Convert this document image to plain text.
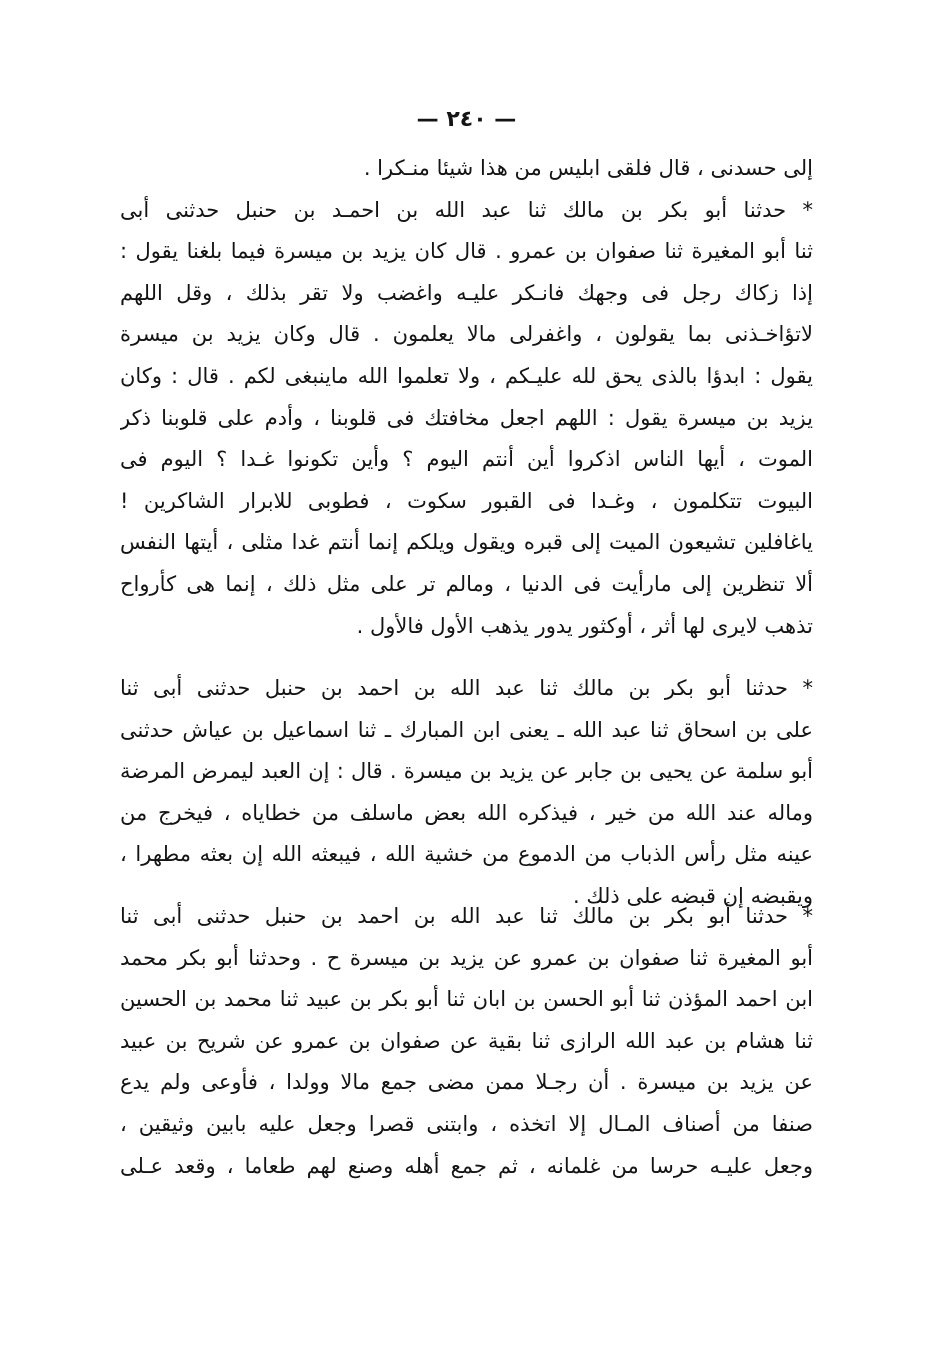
— ٢٤٠ —
إلى حسدنى ، قال فلقى ابليس من هذا شيئا منـكرا .
* حدثنا أبو بكر بن مالك ثنا عبد الله بن احمـد بن حنبل حدثنى أبى
ثنا أبو المغيرة ثنا صفوان بن عمرو . قال كان يزيد بن ميسرة فيما بلغنا يقول :
إذا زكاك رجل فى وجهك فانـكر عليـه واغضب ولا تقر بذلك ، وقل اللهم
لاتؤاخـذنى بما يقولون ، واغفرلى مالا يعلمون . قال وكان يزيد بن ميسرة
يقول : ابدؤا بالذى يحق لله عليـكم ، ولا تعلموا الله ماينبغى لكم . قال : وكان
يزيد بن ميسرة يقول : اللهم اجعل مخافتك فى قلوبنا ، وأدم على قلوبنا ذكر
الموت ، أيها الناس اذكروا أين أنتم اليوم ؟ وأين تكونوا غـدا ؟ اليوم فى
البيوت تتكلمون ، وغـدا فى القبور سكوت ، فطوبى للابرار الشاكرين !
ياغافلين تشيعون الميت إلى قبره ويقول ويلكم إنما أنتم غدا مثلى ، أيتها النفس
ألا تنظرين إلى مارأيت فى الدنيا ، ومالم تر على مثل ذلك ، إنما هى كأرواح
تذهب لايرى لها أثر ، أوكثور يدور يذهب الأول فالأول .
* حدثنا أبو بكر بن مالك ثنا عبد الله بن احمد بن حنبل حدثنى أبى ثنا
على بن اسحاق ثنا عبد الله ـ يعنى ابن المبارك ـ ثنا اسماعيل بن عياش حدثنى
أبو سلمة عن يحيى بن جابر عن يزيد بن ميسرة . قال : إن العبد ليمرض المرضة
وماله عند الله من خير ، فيذكره الله بعض ماسلف من خطاياه ، فيخرج من
عينه مثل رأس الذباب من الدموع من خشية الله ، فيبعثه الله إن بعثه مطهرا ،
ويقبضه إن قبضه على ذلك .
* حدثنا أبو بكر بن مالك ثنا عبد الله بن احمد بن حنبل حدثنى أبى ثنا
أبو المغيرة ثنا صفوان بن عمرو عن يزيد بن ميسرة ح . وحدثنا أبو بكر محمد
ابن احمد المؤذن ثنا أبو الحسن بن ابان ثنا أبو بكر بن عبيد ثنا محمد بن الحسين
ثنا هشام بن عبد الله الرازى ثنا بقية عن صفوان بن عمرو عن شريح بن عبيد
عن يزيد بن ميسرة . أن رجـلا ممن مضى جمع مالا وولدا ، فأوعى ولم يدع
صنفا من أصناف المـال إلا اتخذه ، وابتنى قصرا وجعل عليه بابين وثيقين ،
وجعل عليـه حرسا من غلمانه ، ثم جمع أهله وصنع لهم طعاما ، وقعد عـلى
